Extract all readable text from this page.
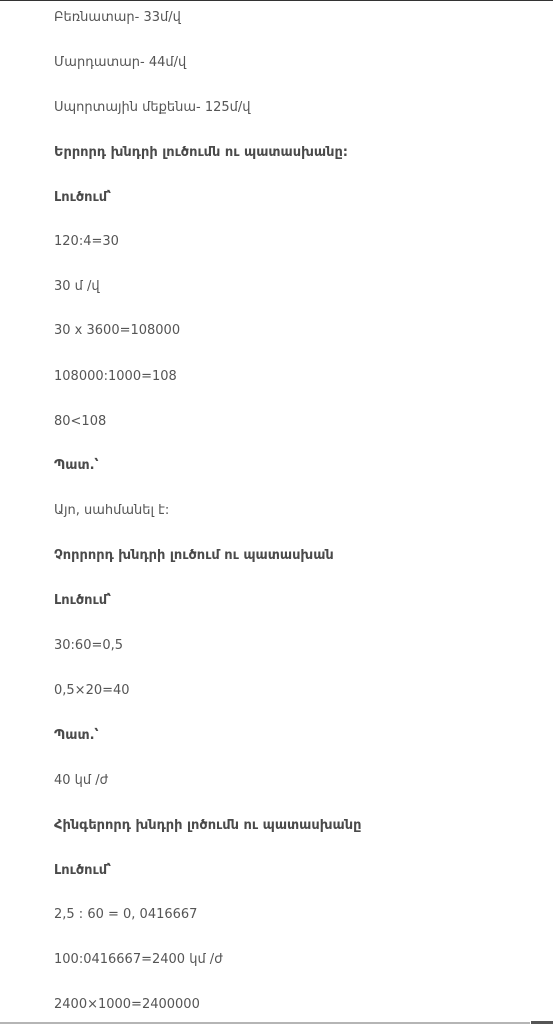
Բեռնատար- 33մ/վ
Մարդատար- 44մ/վ
Սպորտային մեքենա- 125մ/վ
Երրորդ խնդրի լուծումն ու պատասխանը:
Լուծում՝
120:4=30
30 մ /վ
30 x 3600=108000
108000:1000=108
80<108
Պատ.՝
Այո, սահմանել է:
Չորրորդ խնդրի լուծում ու պատասխան
Լուծում՝
30:60=0,5
0,5×20=40
Պատ.՝
40 կմ /ժ
Հինգերորդ խնդրի լոծումն ու պատասխանը
Լուծում՝
2,5 : 60 = 0, 0416667
100:0416667=2400 կմ /ժ
2400×1000=2400000
